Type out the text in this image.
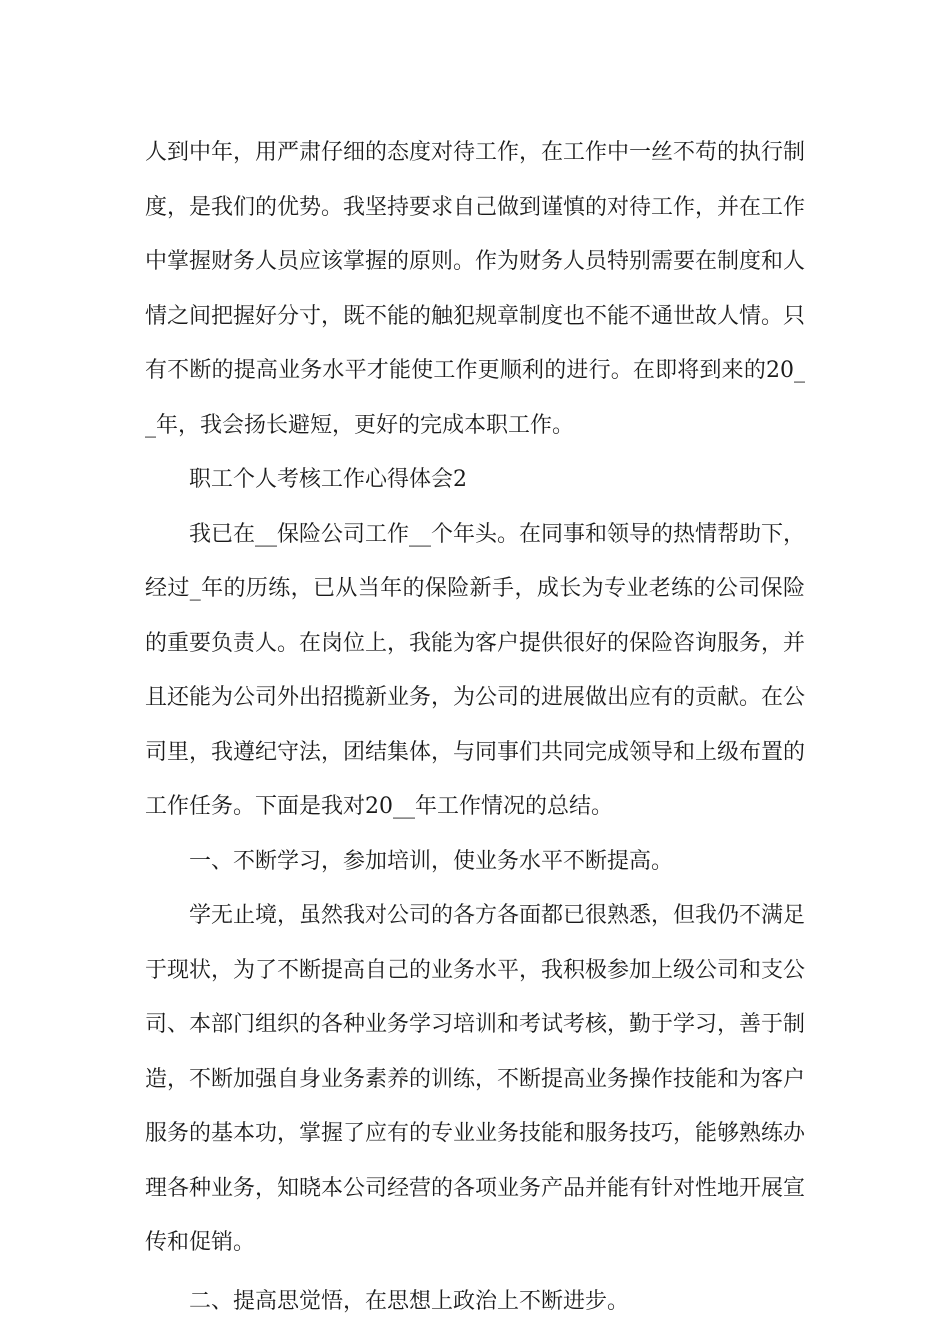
人到中年，用严肃仔细的态度对待工作，在工作中一丝不苟的执行制度，是我们的优势。我坚持要求自己做到谨慎的对待工作，并在工作中掌握财务人员应该掌握的原则。作为财务人员特别需要在制度和人情之间把握好分寸，既不能的触犯规章制度也不能不通世故人情。只有不断的提高业务水平才能使工作更顺利的进行。在即将到来的20__年，我会扬长避短，更好的完成本职工作。

职工个人考核工作心得体会2

我已在__保险公司工作__个年头。在同事和领导的热情帮助下，经过_年的历练，已从当年的保险新手，成长为专业老练的公司保险的重要负责人。在岗位上，我能为客户提供很好的保险咨询服务，并且还能为公司外出招揽新业务，为公司的进展做出应有的贡献。在公司里，我遵纪守法，团结集体，与同事们共同完成领导和上级布置的工作任务。下面是我对20__年工作情况的总结。

一、不断学习，参加培训，使业务水平不断提高。

学无止境，虽然我对公司的各方各面都已很熟悉，但我仍不满足于现状，为了不断提高自己的业务水平，我积极参加上级公司和支公司、本部门组织的各种业务学习培训和考试考核，勤于学习，善于制造，不断加强自身业务素养的训练，不断提高业务操作技能和为客户服务的基本功，掌握了应有的专业业务技能和服务技巧，能够熟练办理各种业务，知晓本公司经营的各项业务产品并能有针对性地开展宣传和促销。

二、提高思觉悟，在思想上政治上不断进步。
